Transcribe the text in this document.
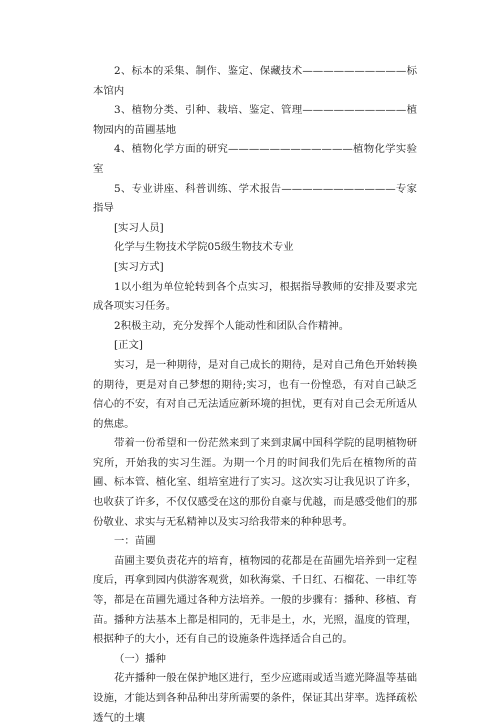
2、标本的采集、制作、鉴定、保藏技术——————————标本馆内

3、植物分类、引种、栽培、鉴定、管理——————————植物园内的苗圃基地

4、植物化学方面的研究————————————植物化学实验室

5、专业讲座、科普训练、学术报告———————————专家指导

[实习人员]

化学与生物技术学院05级生物技术专业

[实习方式]

1以小组为单位轮转到各个点实习，根据指导教师的安排及要求完成各项实习任务。

2积极主动，充分发挥个人能动性和团队合作精神。

[正文]

实习，是一种期待，是对自己成长的期待，是对自己角色开始转换的期待，更是对自己梦想的期待;实习，也有一份惶恐，有对自己缺乏信心的不安，有对自己无法适应新环境的担忧，更有对自己会无所适从的焦虑。

带着一份希望和一份茫然来到了来到隶属中国科学院的昆明植物研究所，开始我的实习生涯。为期一个月的时间我们先后在植物所的苗圃、标本管、植化室、组培室进行了实习。这次实习让我见识了许多，也收获了许多，不仅仅感受在这的那份自豪与优越，而是感受他们的那份敬业、求实与无私精神以及实习给我带来的种种思考。

一：苗圃

苗圃主要负责花卉的培育，植物园的花都是在苗圃先培养到一定程度后，再拿到园内供游客观赏，如秋海棠、千日红、石榴花、一串红等等，都是在苗圃先通过各种方法培养。一般的步骤有：播种、移植、育苗。播种方法基本上都是相同的，无非是土，水，光照，温度的管理，根据种子的大小，还有自己的设施条件选择适合自己的。

（一）播种

花卉播种一般在保护地区进行，至少应遮雨或适当遮光降温等基础设施，才能达到各种品种出芽所需要的条件，保证其出芽率。选择疏松透气的土壤
